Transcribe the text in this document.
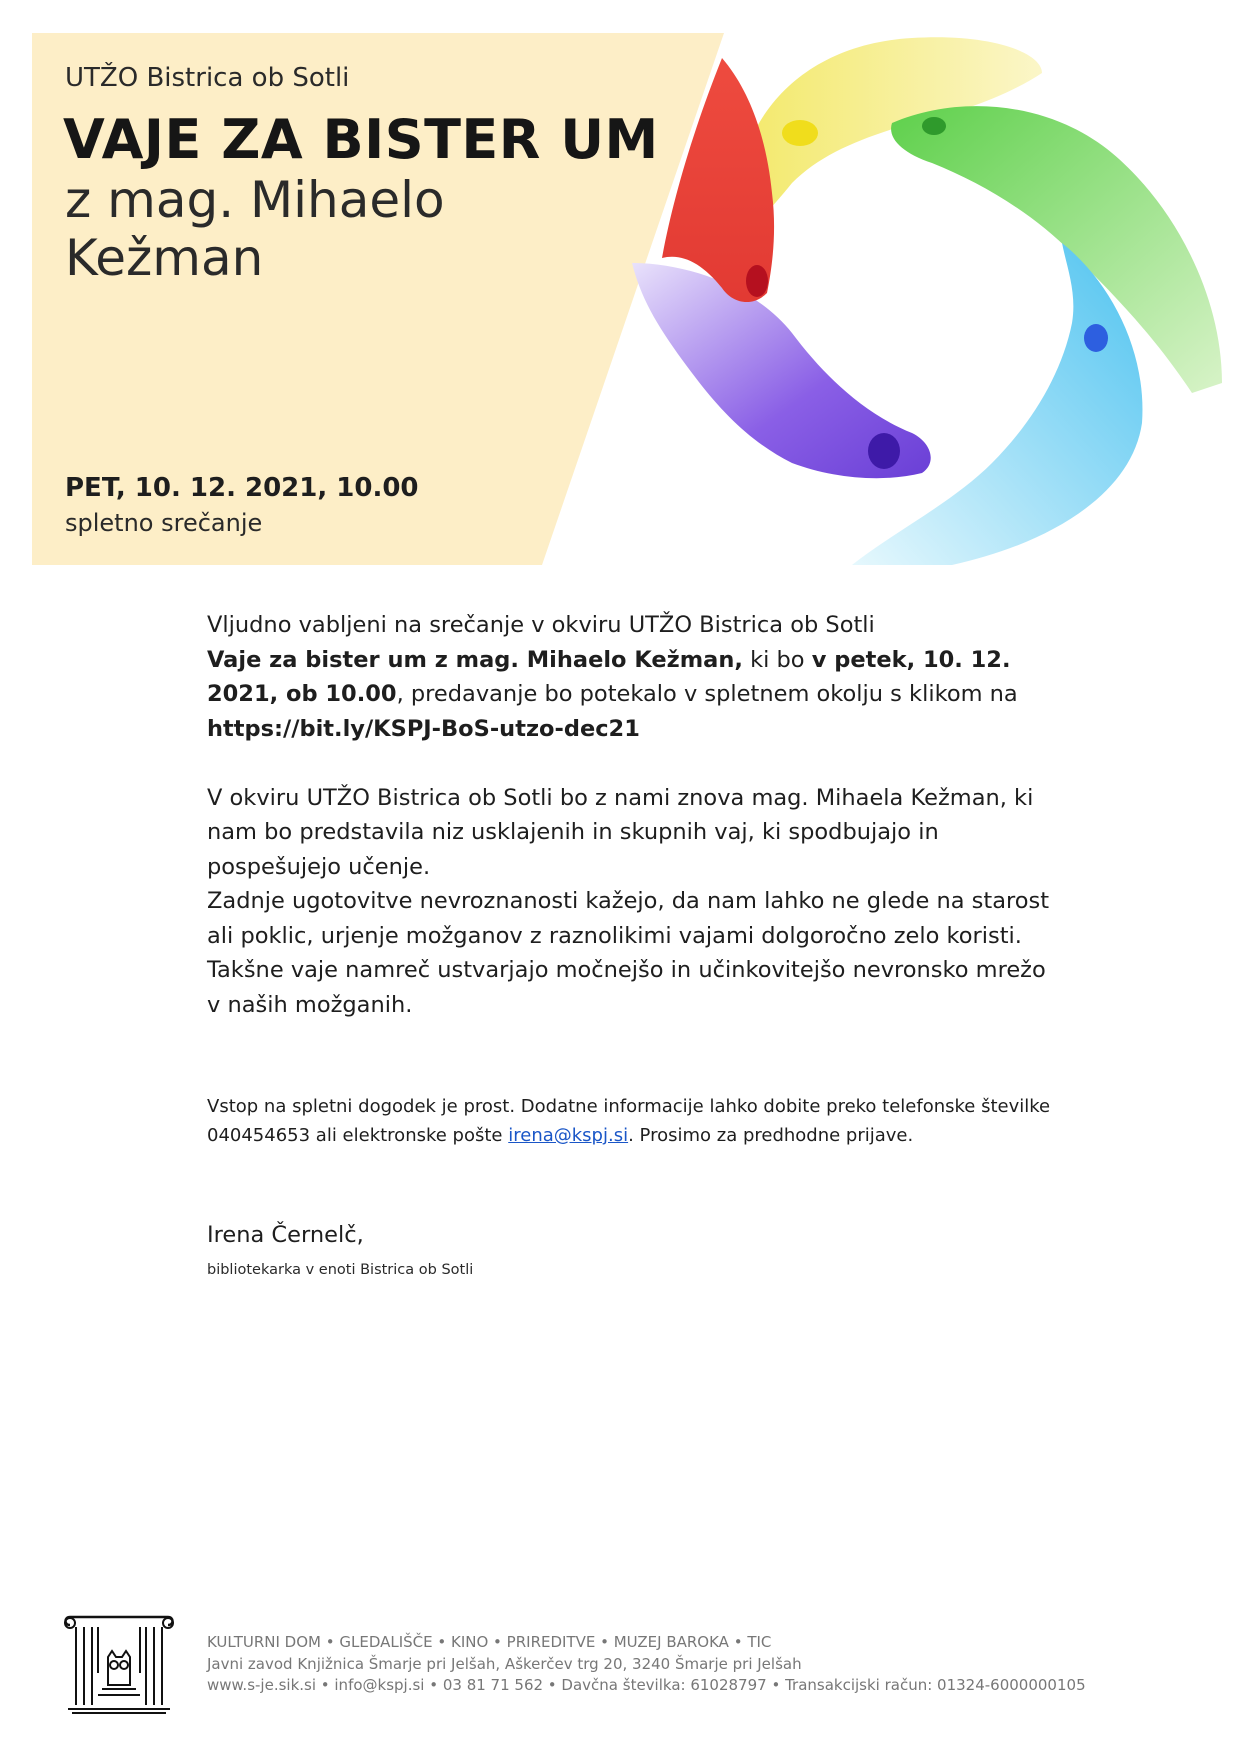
UTŽO Bistrica ob Sotli
VAJE ZA BISTER UM
z mag. Mihaelo
Kežman
PET, 10. 12. 2021, 10.00
spletno srečanje

Vljudno vabljeni na srečanje v okviru UTŽO Bistrica ob Sotli
Vaje za bister um z mag. Mihaelo Kežman, ki bo v petek, 10. 12. 2021, ob 10.00, predavanje bo potekalo v spletnem okolju s klikom na
https://bit.ly/KSPJ-BoS-utzo-dec21

V okviru UTŽO Bistrica ob Sotli bo z nami znova mag. Mihaela Kežman, ki nam bo predstavila niz usklajenih in skupnih vaj, ki spodbujajo in pospešujejo učenje.

Zadnje ugotovitve nevroznanosti kažejo, da nam lahko ne glede na starost ali poklic, urjenje možganov z raznolikimi vajami dolgoročno zelo koristi.

Takšne vaje namreč ustvarjajo močnejšo in učinkovitejšo nevronsko mrežo v naših možganih.

Vstop na spletni dogodek je prost. Dodatne informacije lahko dobite preko telefonske številke 040454653 ali elektronske pošte irena@kspj.si. Prosimo za predhodne prijave.
Irena Černelč,
bibliotekarka v enoti Bistrica ob Sotli
KULTURNI DOM • GLEDALIŠČE • KINO • PRIREDITVE • MUZEJ BAROKA • TIC
Javni zavod Knjižnica Šmarje pri Jelšah, Aškerčev trg 20, 3240 Šmarje pri Jelšah
www.s-je.sik.si • info@kspj.si • 03 81 71 562 • Davčna številka: 61028797 • Transakcijski račun: 01324-6000000105
